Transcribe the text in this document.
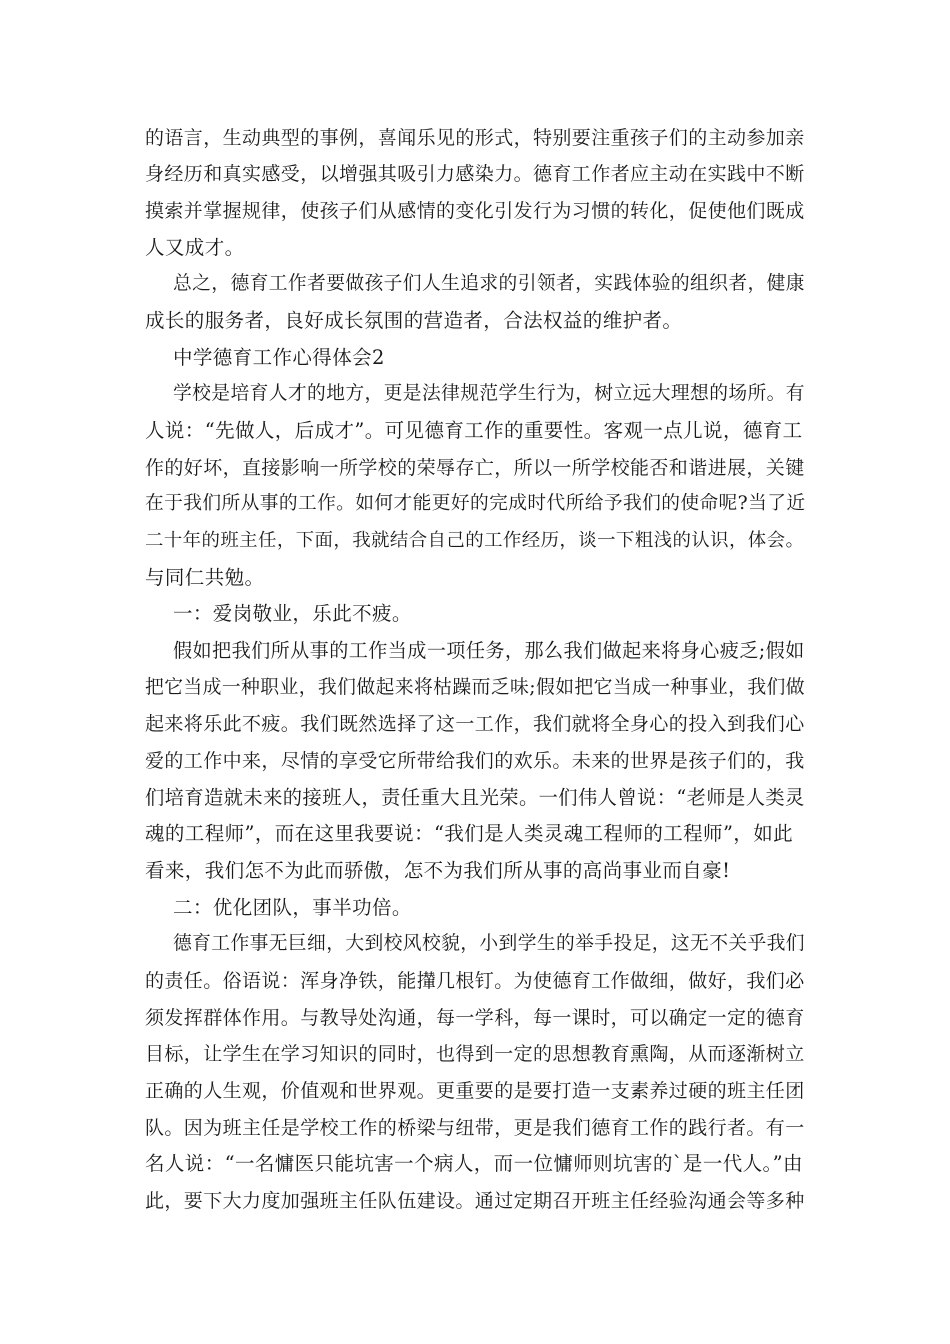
的语言，生动典型的事例，喜闻乐见的形式，特别要注重孩子们的主动参加亲
身经历和真实感受，以增强其吸引力感染力。德育工作者应主动在实践中不断
摸索并掌握规律，使孩子们从感情的变化引发行为习惯的转化，促使他们既成
人又成才。
总之，德育工作者要做孩子们人生追求的引领者，实践体验的组织者，健康
成长的服务者，良好成长氛围的营造者，合法权益的维护者。
中学德育工作心得体会2
学校是培育人才的地方，更是法律规范学生行为，树立远大理想的场所。有
人说：“先做人，后成才”。可见德育工作的重要性。客观一点儿说，德育工
作的好坏，直接影响一所学校的荣辱存亡，所以一所学校能否和谐进展，关键
在于我们所从事的工作。如何才能更好的完成时代所给予我们的使命呢?当了近
二十年的班主任，下面，我就结合自己的工作经历，谈一下粗浅的认识，体会。
与同仁共勉。
一：爱岗敬业，乐此不疲。
假如把我们所从事的工作当成一项任务，那么我们做起来将身心疲乏;假如
把它当成一种职业，我们做起来将枯躁而乏味;假如把它当成一种事业，我们做
起来将乐此不疲。我们既然选择了这一工作，我们就将全身心的投入到我们心
爱的工作中来，尽情的享受它所带给我们的欢乐。未来的世界是孩子们的，我
们培育造就未来的接班人，责任重大且光荣。一们伟人曾说：“老师是人类灵
魂的工程师”，而在这里我要说：“我们是人类灵魂工程师的工程师”，如此
看来，我们怎不为此而骄傲，怎不为我们所从事的高尚事业而自豪!
二：优化团队，事半功倍。
德育工作事无巨细，大到校风校貌，小到学生的举手投足，这无不关乎我们
的责任。俗语说：浑身净铁，能攆几根钉。为使德育工作做细，做好，我们必
须发挥群体作用。与教导处沟通，每一学科，每一课时，可以确定一定的德育
目标，让学生在学习知识的同时，也得到一定的思想教育熏陶，从而逐渐树立
正确的人生观，价值观和世界观。更重要的是要打造一支素养过硬的班主任团
队。因为班主任是学校工作的桥梁与纽带，更是我们德育工作的践行者。有一
名人说：“一名慵医只能坑害一个病人，而一位慵师则坑害的`是一代人。”由
此，要下大力度加强班主任队伍建设。通过定期召开班主任经验沟通会等多种
